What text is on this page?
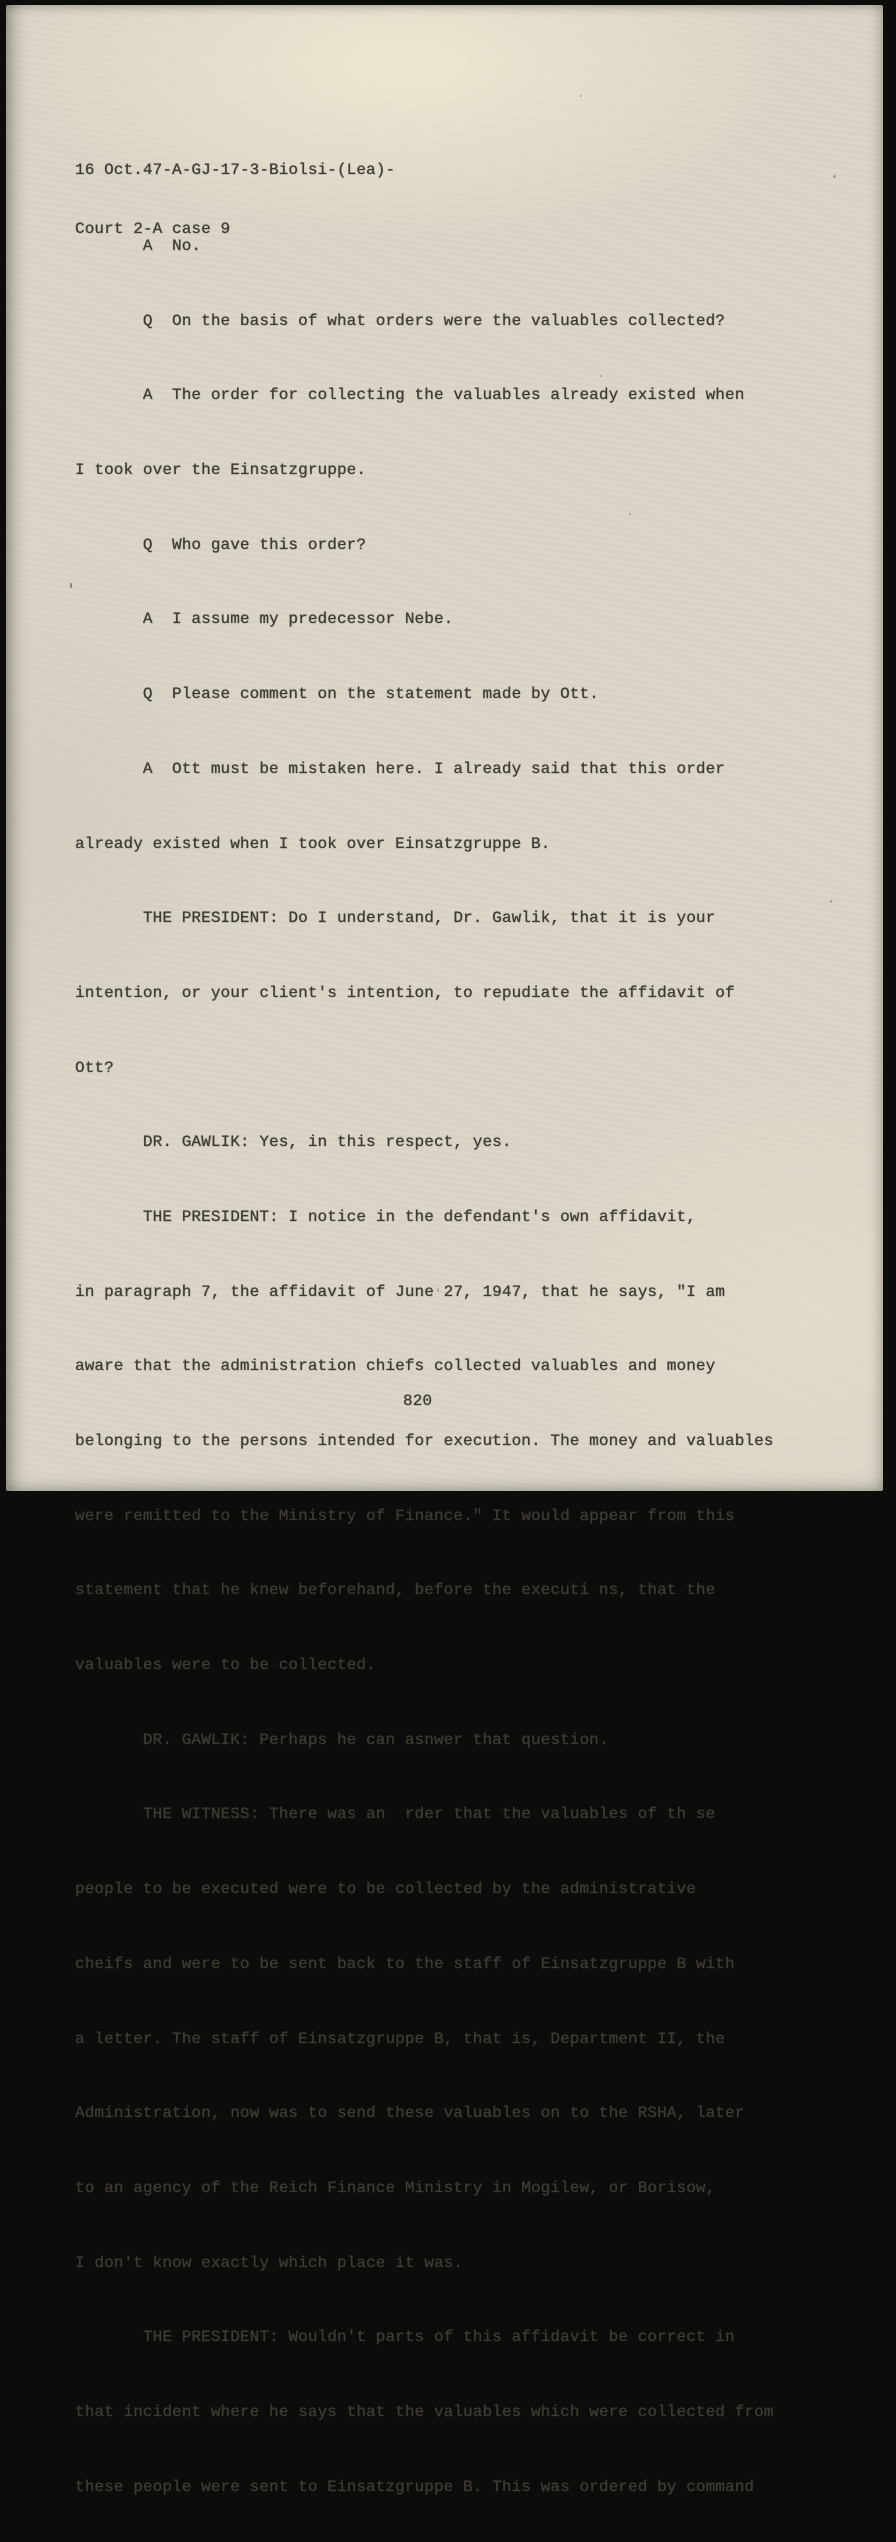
16 Oct.47-A-GJ-17-3-Biolsi-(Lea)-

Court 2-A case 9

A  No.

Q  On the basis of what orders were the valuables collected?

A  The order for collecting the valuables already existed when

I took over the Einsatzgruppe.

Q  Who gave this order?

A  I assume my predecessor Nebe.

Q  Please comment on the statement made by Ott.

A  Ott must be mistaken here. I already said that this order

already existed when I took over Einsatzgruppe B.

THE PRESIDENT: Do I understand, Dr. Gawlik, that it is your

intention, or your client's intention, to repudiate the affidavit of

Ott?

DR. GAWLIK: Yes, in this respect, yes.

THE PRESIDENT: I notice in the defendant's own affidavit,

in paragraph 7, the affidavit of June 27, 1947, that he says, "I am

aware that the administration chiefs collected valuables and money

belonging to the persons intended for execution. The money and valuables

were remitted to the Ministry of Finance." It would appear from this

statement that he knew beforehand, before the executi ns, that the

valuables were to be collected.

DR. GAWLIK: Perhaps he can asnwer that question.

THE WITNESS: There was an  rder that the valuables of th se

people to be executed were to be collected by the administrative

cheifs and were to be sent back to the staff of Einsatzgruppe B with

a letter. The staff of Einsatzgruppe B, that is, Department II, the

Administration, now was to send these valuables on to the RSHA, later

to an agency of the Reich Finance Ministry in Mogilew, or Borisow,

I don't know exactly which place it was.

THE PRESIDENT: Wouldn't parts of this affidavit be correct in

that incident where he says that the valuables which were collected from

these people were sent to Einsatzgruppe B. This was ordered by command

820
